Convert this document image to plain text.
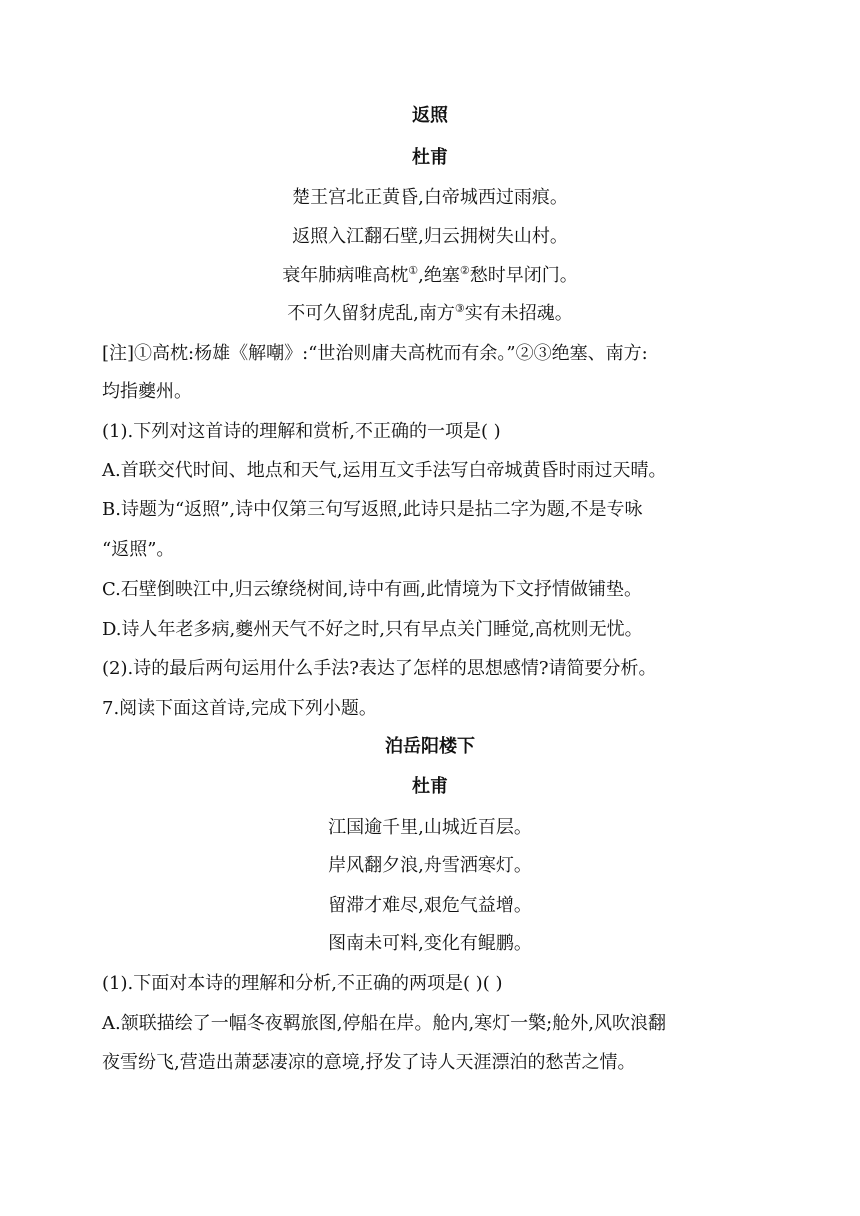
返照
杜甫
楚王宫北正黄昏,白帝城西过雨痕。
返照入江翻石壁,归云拥树失山村。
衰年肺病唯高枕①,绝塞②愁时早闭门。
不可久留豺虎乱,南方③实有未招魂。
[注]①高枕:杨雄《解嘲》:“世治则庸夫高枕而有余。”②③绝塞、南方:
均指夔州。
(1).下列对这首诗的理解和赏析,不正确的一项是( )
A.首联交代时间、地点和天气,运用互文手法写白帝城黄昏时雨过天晴。
B.诗题为“返照”,诗中仅第三句写返照,此诗只是拈二字为题,不是专咏
“返照”。
C.石壁倒映江中,归云缭绕树间,诗中有画,此情境为下文抒情做铺垫。
D.诗人年老多病,夔州天气不好之时,只有早点关门睡觉,高枕则无忧。
(2).诗的最后两句运用什么手法?表达了怎样的思想感情?请简要分析。
7.阅读下面这首诗,完成下列小题。
泊岳阳楼下
杜甫
江国逾千里,山城近百层。
岸风翻夕浪,舟雪洒寒灯。
留滞才难尽,艰危气益增。
图南未可料,变化有鲲鹏。
(1).下面对本诗的理解和分析,不正确的两项是( )( )
A.颔联描绘了一幅冬夜羁旅图,停船在岸。舱内,寒灯一檠;舱外,风吹浪翻
夜雪纷飞,营造出萧瑟凄凉的意境,抒发了诗人天涯漂泊的愁苦之情。
